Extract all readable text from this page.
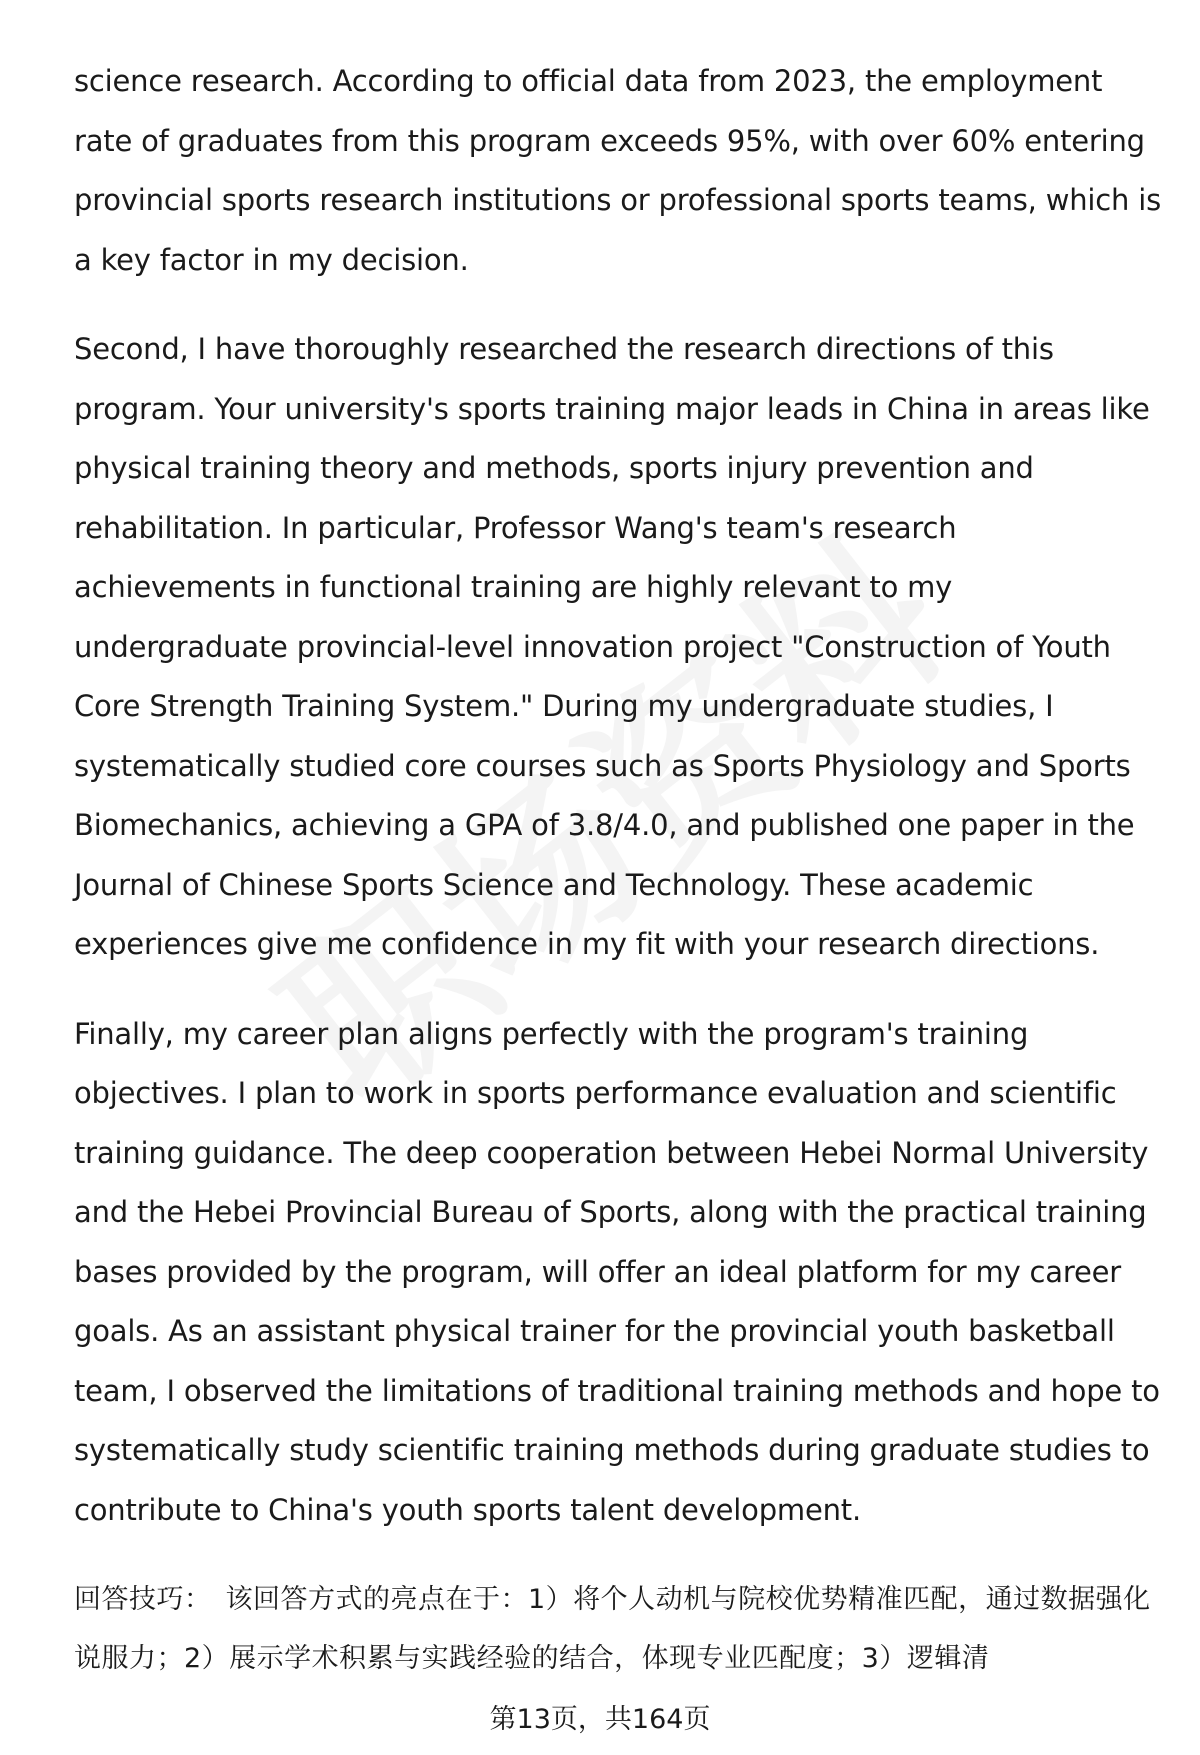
science research. According to official data from 2023, the employment rate of graduates from this program exceeds 95%, with over 60% entering provincial sports research institutions or professional sports teams, which is a key factor in my decision.

Second, I have thoroughly researched the research directions of this program. Your university's sports training major leads in China in areas like physical training theory and methods, sports injury prevention and rehabilitation. In particular, Professor Wang's team's research achievements in functional training are highly relevant to my undergraduate provincial-level innovation project "Construction of Youth Core Strength Training System." During my undergraduate studies, I systematically studied core courses such as Sports Physiology and Sports Biomechanics, achieving a GPA of 3.8/4.0, and published one paper in the Journal of Chinese Sports Science and Technology. These academic experiences give me confidence in my fit with your research directions.

Finally, my career plan aligns perfectly with the program's training objectives. I plan to work in sports performance evaluation and scientific training guidance. The deep cooperation between Hebei Normal University and the Hebei Provincial Bureau of Sports, along with the practical training bases provided by the program, will offer an ideal platform for my career goals. As an assistant physical trainer for the provincial youth basketball team, I observed the limitations of traditional training methods and hope to systematically study scientific training methods during graduate studies to contribute to China's youth sports talent development.

回答技巧： 该回答方式的亮点在于：1）将个人动机与院校优势精准匹配，通过数据强化说服力；2）展示学术积累与实践经验的结合，体现专业匹配度；3）逻辑清

第13页，共164页
